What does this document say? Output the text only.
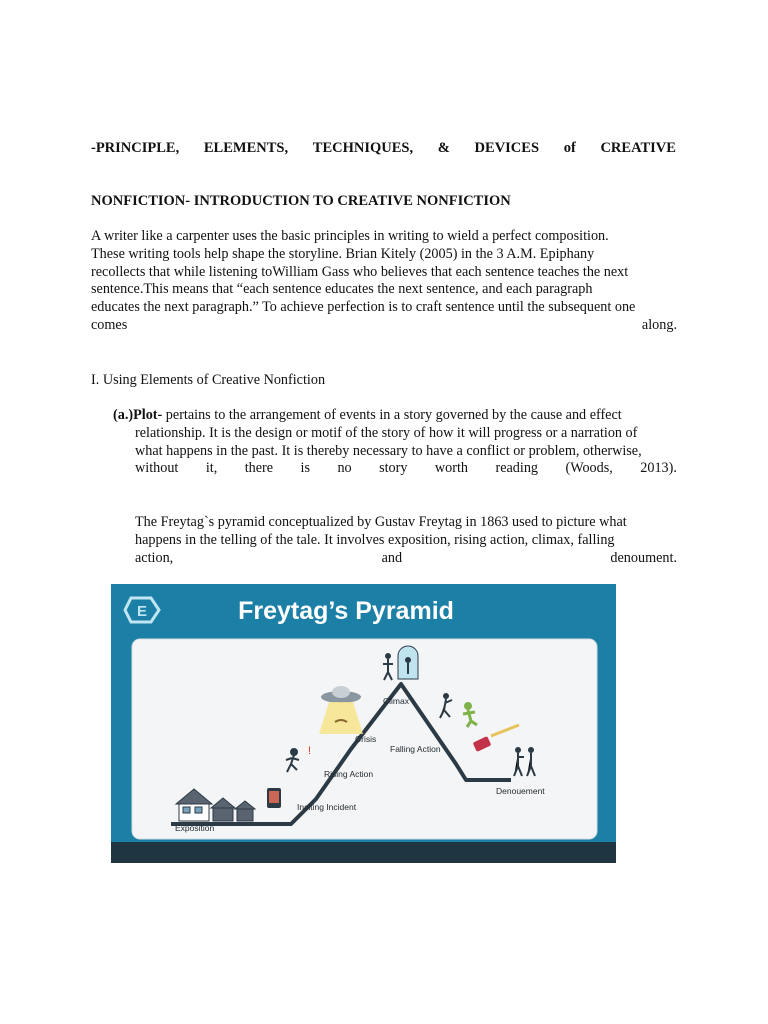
-PRINCIPLE, ELEMENTS, TECHNIQUES, & DEVICES of CREATIVE
NONFICTION- INTRODUCTION TO CREATIVE NONFICTION
A writer like a carpenter uses the basic principles in writing to wield a perfect composition.
These writing tools help shape the storyline. Brian Kitely (2005) in the 3 A.M. Epiphany
recollects that while listening toWilliam Gass who believes that each sentence teaches the next
sentence.This means that “each sentence educates the next sentence, and each paragraph
educates the next paragraph.” To achieve perfection is to craft sentence until the subsequent one
comes	along.
I. Using Elements of Creative Nonfiction
(a.)Plot- pertains to the arrangement of events in a story governed by the cause and effect
relationship. It is the design or motif of the story of how it will progress or a narration of
what happens in the past. It is thereby necessary to have a conflict or problem, otherwise,
without it, there is no story worth reading (Woods, 2013).
The Freytag`s pyramid conceptualized by Gustav Freytag in 1863 used to picture what
happens in the telling of the tale. It involves exposition, rising action, climax, falling
action,	and	denoument.
E	Freytag’s Pyramid
!
Exposition
Inciting Incident
Rising Action
Crisis
Climax
Falling Action
Denouement
